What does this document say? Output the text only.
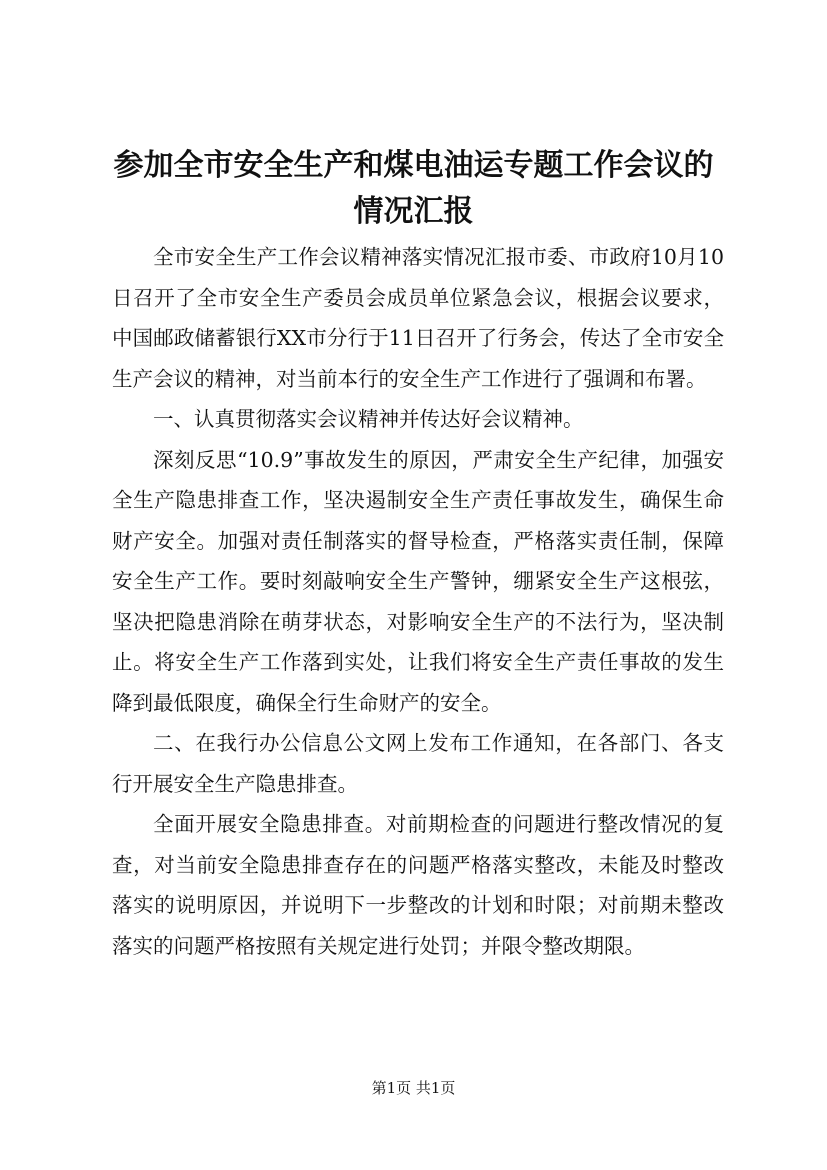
参加全市安全生产和煤电油运专题工作会议的情况汇报

全市安全生产工作会议精神落实情况汇报市委、市政府10月10日召开了全市安全生产委员会成员单位紧急会议，根据会议要求，中国邮政储蓄银行XX市分行于11日召开了行务会，传达了全市安全生产会议的精神，对当前本行的安全生产工作进行了强调和布署。

一、认真贯彻落实会议精神并传达好会议精神。

深刻反思“10.9”事故发生的原因，严肃安全生产纪律，加强安全生产隐患排查工作，坚决遏制安全生产责任事故发生，确保生命财产安全。加强对责任制落实的督导检查，严格落实责任制，保障安全生产工作。要时刻敲响安全生产警钟，绷紧安全生产这根弦，坚决把隐患消除在萌芽状态，对影响安全生产的不法行为，坚决制止。将安全生产工作落到实处，让我们将安全生产责任事故的发生降到最低限度，确保全行生命财产的安全。

二、在我行办公信息公文网上发布工作通知，在各部门、各支行开展安全生产隐患排查。

全面开展安全隐患排查。对前期检查的问题进行整改情况的复查，对当前安全隐患排查存在的问题严格落实整改，未能及时整改落实的说明原因，并说明下一步整改的计划和时限；对前期未整改落实的问题严格按照有关规定进行处罚；并限令整改期限。

第1页 共1页
